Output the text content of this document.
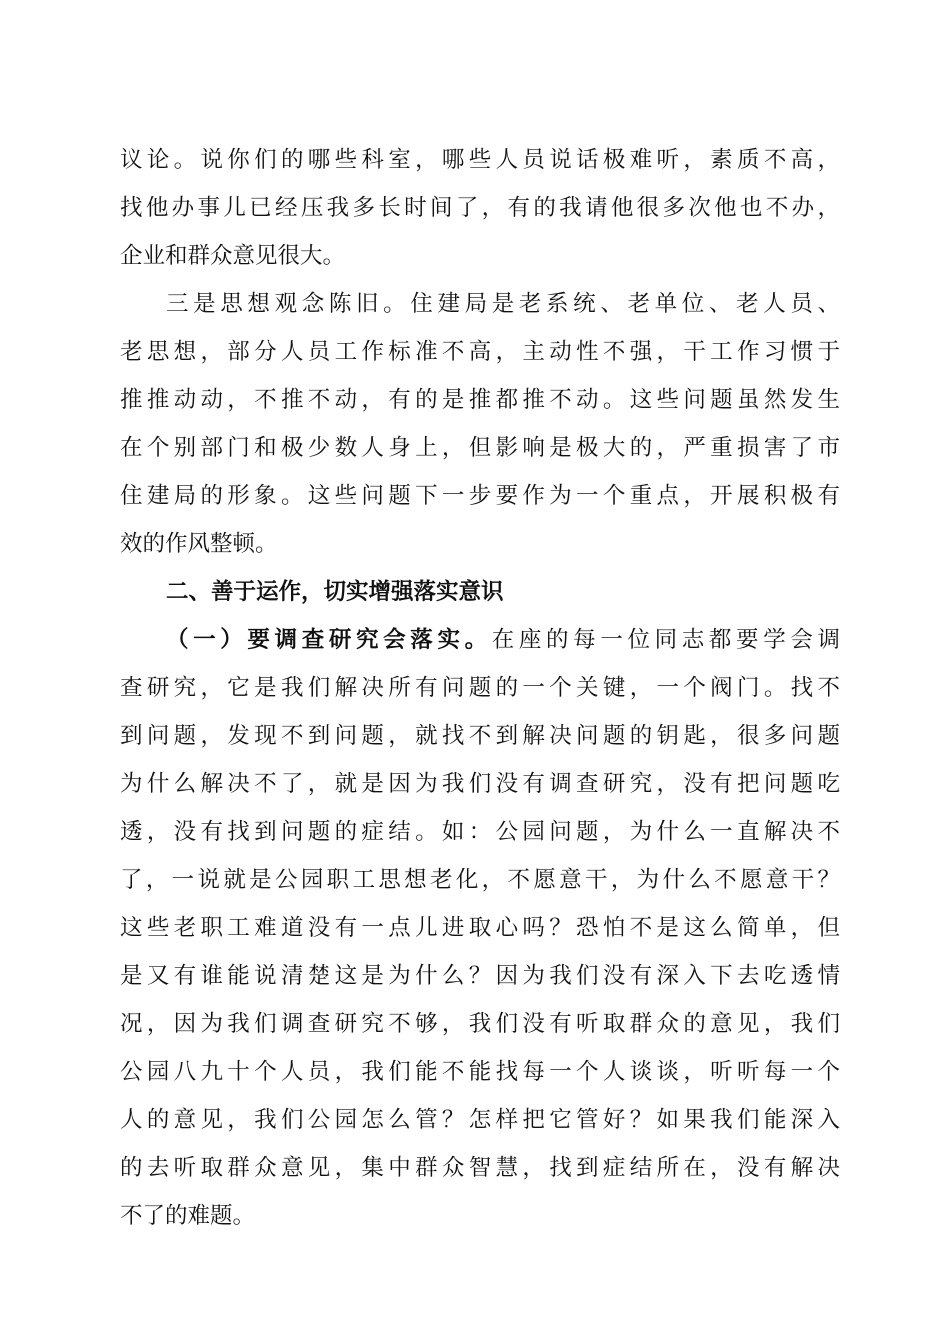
议论。说你们的哪些科室，哪些人员说话极难听，素质不高，
找他办事儿已经压我多长时间了，有的我请他很多次他也不办，
企业和群众意见很大。
三是思想观念陈旧。住建局是老系统、老单位、老人员、
老思想，部分人员工作标准不高，主动性不强，干工作习惯于
推推动动，不推不动，有的是推都推不动。这些问题虽然发生
在个别部门和极少数人身上，但影响是极大的，严重损害了市
住建局的形象。这些问题下一步要作为一个重点，开展积极有
效的作风整顿。
二、善于运作，切实增强落实意识
（一）要调查研究会落实。在座的每一位同志都要学会调
查研究，它是我们解决所有问题的一个关键，一个阀门。找不
到问题，发现不到问题，就找不到解决问题的钥匙，很多问题
为什么解决不了，就是因为我们没有调查研究，没有把问题吃
透，没有找到问题的症结。如：公园问题，为什么一直解决不
了，一说就是公园职工思想老化，不愿意干，为什么不愿意干？
这些老职工难道没有一点儿进取心吗？恐怕不是这么简单，但
是又有谁能说清楚这是为什么？因为我们没有深入下去吃透情
况，因为我们调查研究不够，我们没有听取群众的意见，我们
公园八九十个人员，我们能不能找每一个人谈谈，听听每一个
人的意见，我们公园怎么管？怎样把它管好？如果我们能深入
的去听取群众意见，集中群众智慧，找到症结所在，没有解决
不了的难题。
